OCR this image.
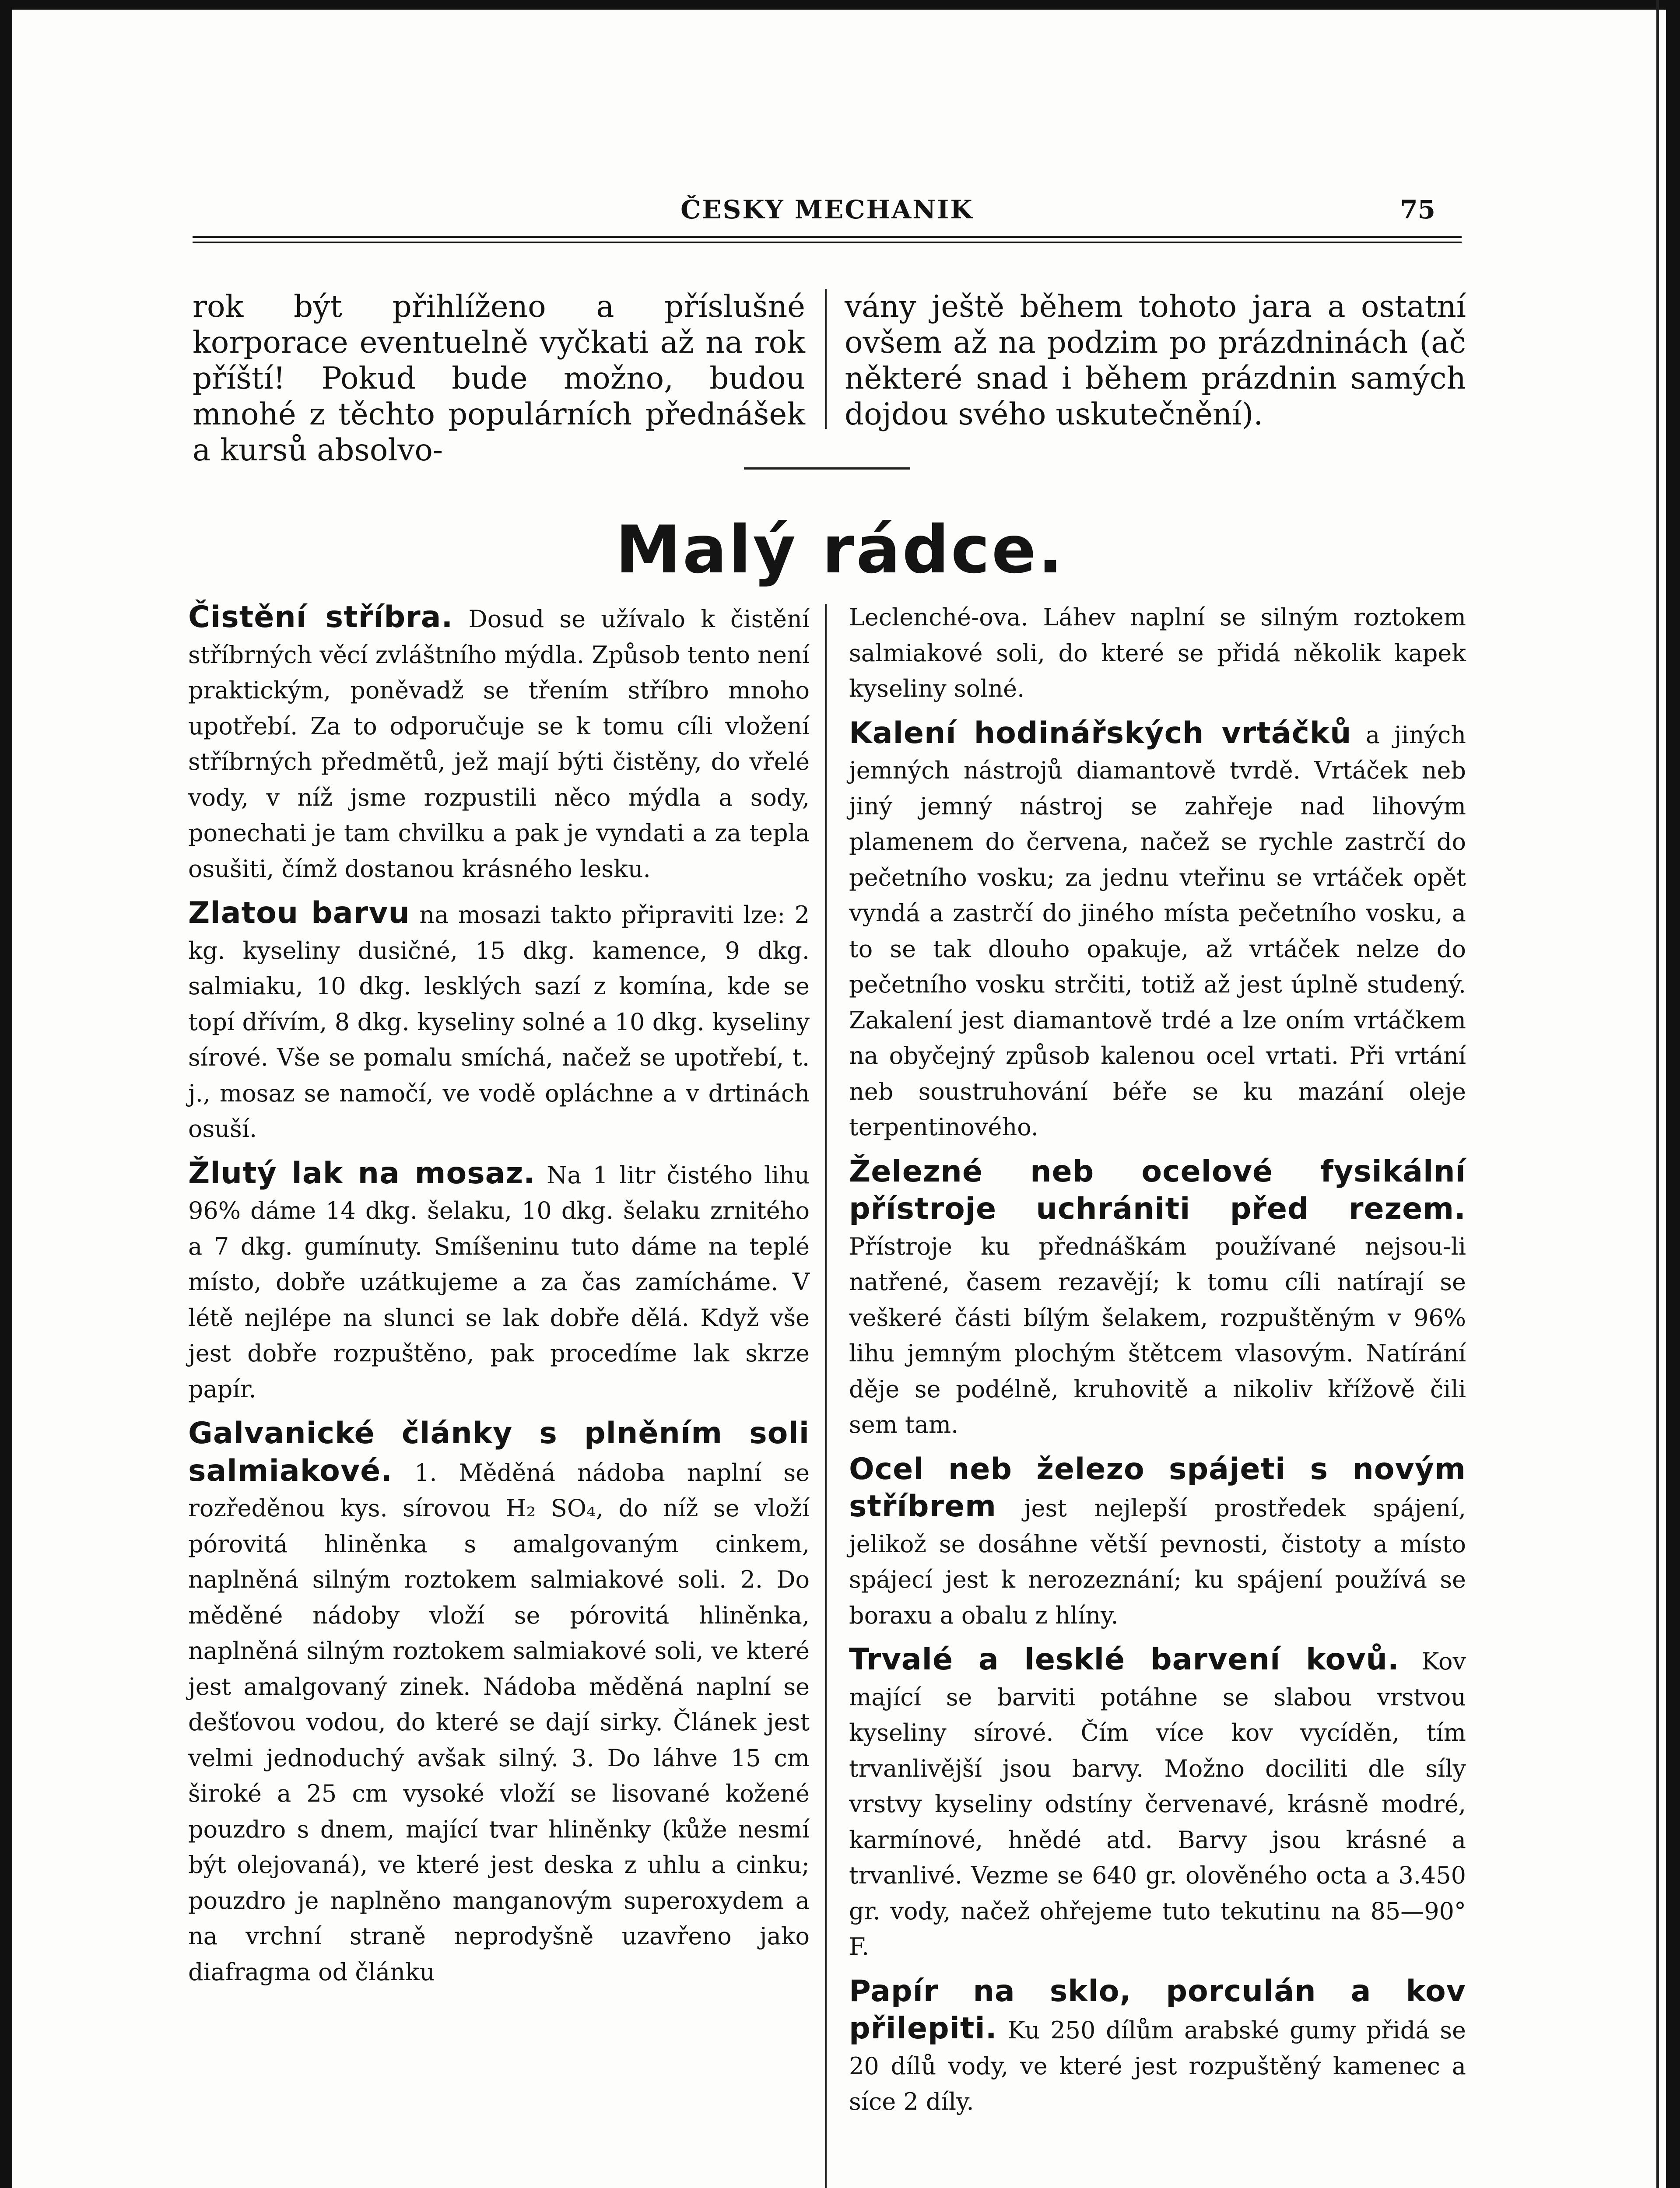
ČESKY MECHANIK	75

rok být přihlíženo a příslušné korporace eventuelně vyčkati až na rok příští! Pokud bude možno, budou mnohé z těchto populárních přednášek a kursů absolvo-

vány ještě během tohoto jara a ostatní ovšem až na podzim po prázdninách (ač některé snad i během prázdnin samých dojdou svého uskutečnění).

Malý rádce.

Čistění stříbra. Dosud se užívalo k čistění stříbrných věcí zvláštního mýdla. Způsob tento není praktickým, poněvadž se třením stříbro mnoho upotřebí. Za to odporučuje se k tomu cíli vložení stříbrných předmětů, jež mají býti čistěny, do vřelé vody, v níž jsme rozpustili něco mýdla a sody, ponechati je tam chvilku a pak je vyndati a za tepla osušiti, čímž dostanou krásného lesku.

Zlatou barvu na mosazi takto připraviti lze: 2 kg. kyseliny dusičné, 15 dkg. kamence, 9 dkg. salmiaku, 10 dkg. lesklých sazí z komína, kde se topí dřívím, 8 dkg. kyseliny solné a 10 dkg. kyseliny sírové. Vše se pomalu smíchá, načež se upotřebí, t. j., mosaz se namočí, ve vodě opláchne a v drtinách osuší.

Žlutý lak na mosaz. Na 1 litr čistého lihu 96% dáme 14 dkg. šelaku, 10 dkg. šelaku zrnitého a 7 dkg. gumínuty. Smíšeninu tuto dáme na teplé místo, dobře uzátkujeme a za čas zamícháme. V létě nejlépe na slunci se lak dobře dělá. Když vše jest dobře rozpuštěno, pak procedíme lak skrze papír.

Galvanické články s plněním soli salmiakové. 1. Měděná nádoba naplní se rozředěnou kys. sírovou H₂ SO₄, do níž se vloží pórovitá hliněnka s amalgovaným cinkem, naplněná silným roztokem salmiakové soli. 2. Do měděné nádoby vloží se pórovitá hliněnka, naplněná silným roztokem salmiakové soli, ve které jest amalgovaný zinek. Nádoba měděná naplní se dešťovou vodou, do které se dají sirky. Článek jest velmi jednoduchý avšak silný. 3. Do láhve 15 cm široké a 25 cm vysoké vloží se lisované kožené pouzdro s dnem, mající tvar hliněnky (kůže nesmí být olejovaná), ve které jest deska z uhlu a cinku; pouzdro je naplněno manganovým superoxydem a na vrchní straně neprodyšně uzavřeno jako diafragma od článku

Leclenché-ova. Láhev naplní se silným roztokem salmiakové soli, do které se přidá několik kapek kyseliny solné.

Kalení hodinářských vrtáčků a jiných jemných nástrojů diamantově tvrdě. Vrtáček neb jiný jemný nástroj se zahřeje nad lihovým plamenem do červena, načež se rychle zastrčí do pečetního vosku; za jednu vteřinu se vrtáček opět vyndá a zastrčí do jiného místa pečetního vosku, a to se tak dlouho opakuje, až vrtáček nelze do pečetního vosku strčiti, totiž až jest úplně studený. Zakalení jest diamantově trdé a lze oním vrtáčkem na obyčejný způsob kalenou ocel vrtati. Při vrtání neb soustruhování béře se ku mazání oleje terpentinového.

Železné neb ocelové fysikální přístroje uchrániti před rezem. Přístroje ku přednáškám používané nejsou-li natřené, časem rezavějí; k tomu cíli natírají se veškeré části bílým šelakem, rozpuštěným v 96% lihu jemným plochým štětcem vlasovým. Natírání děje se podélně, kruhovitě a nikoliv křížově čili sem tam.

Ocel neb železo spájeti s novým stříbrem jest nejlepší prostředek spájení, jelikož se dosáhne větší pevnosti, čistoty a místo spájecí jest k nerozeznání; ku spájení používá se boraxu a obalu z hlíny.

Trvalé a lesklé barvení kovů. Kov mající se barviti potáhne se slabou vrstvou kyseliny sírové. Čím více kov vycíděn, tím trvanlivější jsou barvy. Možno dociliti dle síly vrstvy kyseliny odstíny červenavé, krásně modré, karmínové, hnědé atd. Barvy jsou krásné a trvanlivé. Vezme se 640 gr. olověného octa a 3.450 gr. vody, načež ohřejeme tuto tekutinu na 85—90° F.

Papír na sklo, porculán a kov přilepiti. Ku 250 dílům arabské gumy přidá se 20 dílů vody, ve které jest rozpuštěný kamenec a síce 2 díly.
